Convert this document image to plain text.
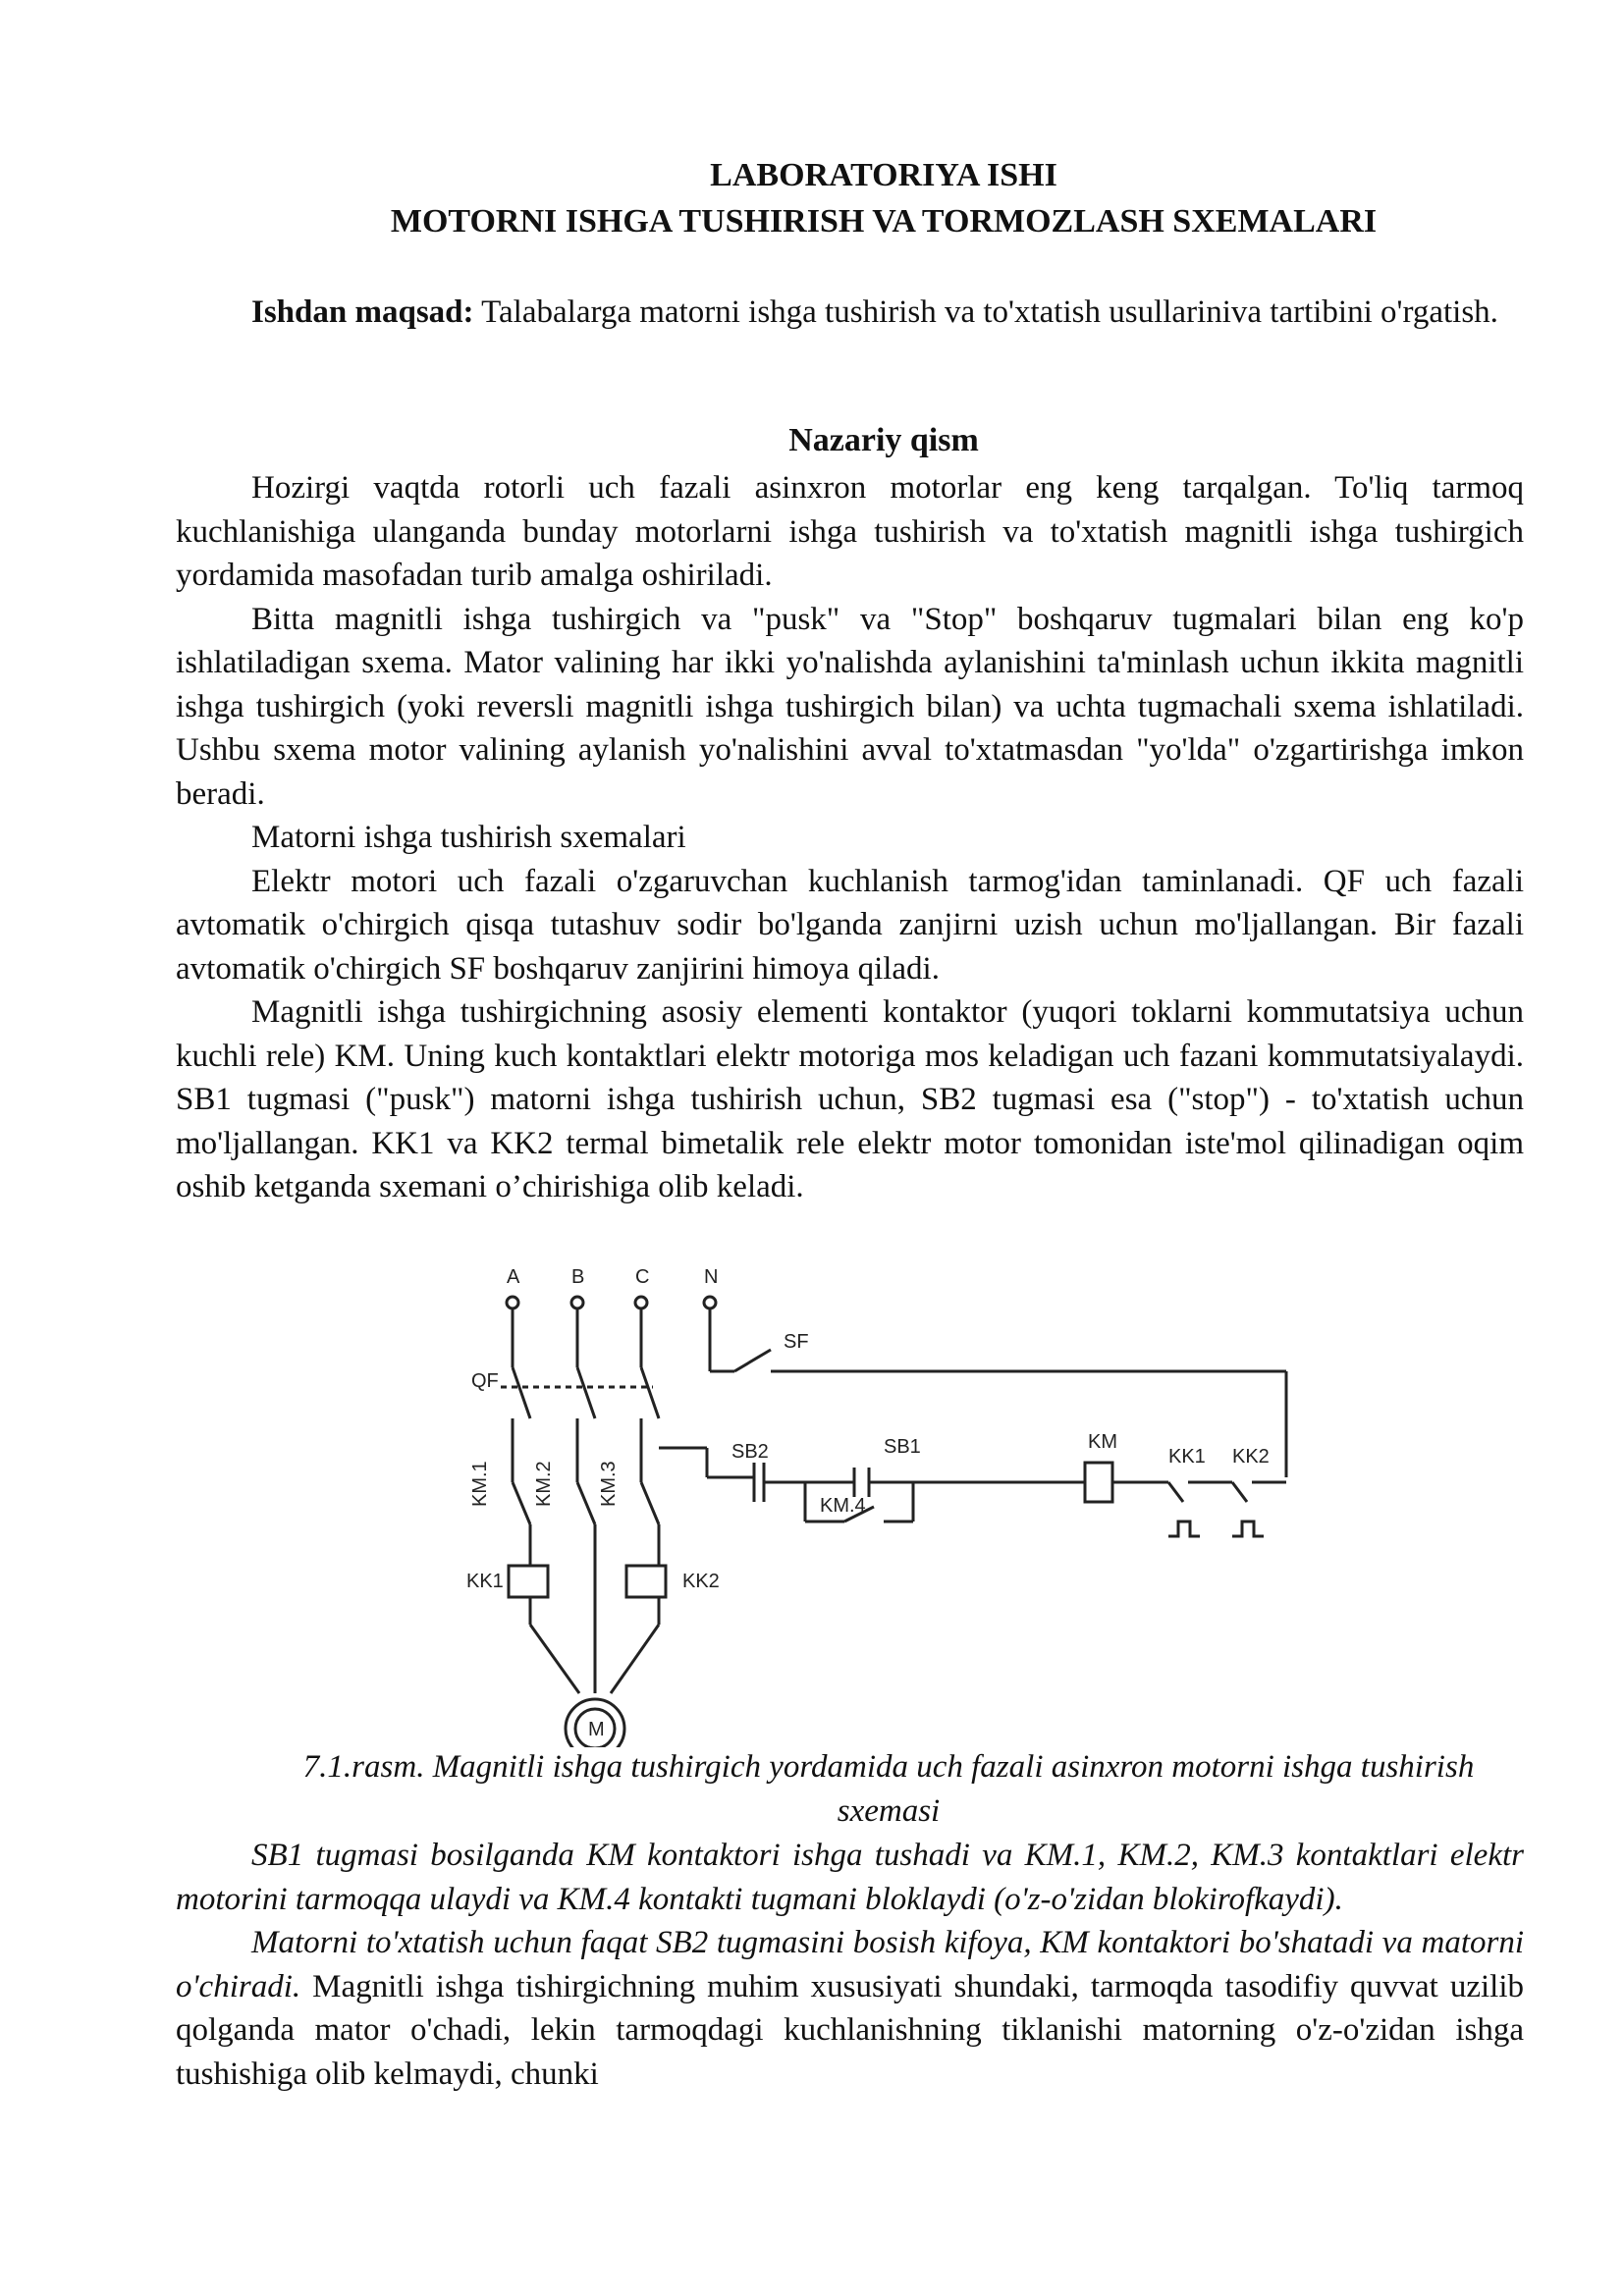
LABORATORIYA ISHI
MOTORNI ISHGA TUSHIRISH VA TORMOZLASH SXEMALARI
Ishdan maqsad: Talabalarga matorni ishga tushirish va to'xtatish usullariniva tartibini o'rgatish.
Nazariy qism

Hozirgi vaqtda rotorli uch fazali asinxron motorlar eng keng tarqalgan. To'liq tarmoq kuchlanishiga ulanganda bunday motorlarni ishga tushirish va to'xtatish magnitli ishga tushirgich yordamida masofadan turib amalga oshiriladi.

Bitta magnitli ishga tushirgich va "pusk" va "Stop" boshqaruv tugmalari bilan eng ko'p ishlatiladigan sxema. Mator valining har ikki yo'nalishda aylanishini ta'minlash uchun ikkita magnitli ishga tushirgich (yoki reversli magnitli ishga tushirgich bilan) va uchta tugmachali sxema ishlatiladi. Ushbu sxema motor valining aylanish yo'nalishini avval to'xtatmasdan "yo'lda" o'zgartirishga imkon beradi.

Matorni ishga tushirish sxemalari

Elektr motori uch fazali o'zgaruvchan kuchlanish tarmog'idan taminlanadi. QF uch fazali avtomatik o'chirgich qisqa tutashuv sodir bo'lganda zanjirni uzish uchun mo'ljallangan. Bir fazali avtomatik o'chirgich SF boshqaruv zanjirini himoya qiladi.

Magnitli ishga tushirgichning asosiy elementi kontaktor (yuqori toklarni kommutatsiya uchun kuchli rele) KM. Uning kuch kontaktlari elektr motoriga mos keladigan uch fazani kommutatsiyalaydi. SB1 tugmasi ("pusk") matorni ishga tushirish uchun, SB2 tugmasi esa ("stop") - to'xtatish uchun mo'ljallangan. KK1 va KK2 termal bimetalik rele elektr motor tomonidan iste'mol qilinadigan oqim oshib ketganda sxemani o’chirishiga olib keladi.

A	B	C	N
QF
SF
KM.1 KM.2 KM.3
SB2	SB1
KM.4
KM
KK1 KK2
KK1	KK2
M
7.1.rasm. Magnitli ishga tushirgich yordamida uch fazali asinxron motorni ishga tushirish sxemasi

SB1 tugmasi bosilganda KM kontaktori ishga tushadi va KM.1, KM.2, KM.3 kontaktlari elektr motorini tarmoqqa ulaydi va KM.4 kontakti tugmani bloklaydi (o'z-o'zidan blokirofkaydi).

Matorni to'xtatish uchun faqat SB2 tugmasini bosish kifoya, KM kontaktori bo'shatadi va matorni o'chiradi. Magnitli ishga tishirgichning muhim xususiyati shundaki, tarmoqda tasodifiy quvvat uzilib qolganda mator o'chadi, lekin tarmoqdagi kuchlanishning tiklanishi matorning o'z-o'zidan ishga tushishiga olib kelmaydi, chunki
